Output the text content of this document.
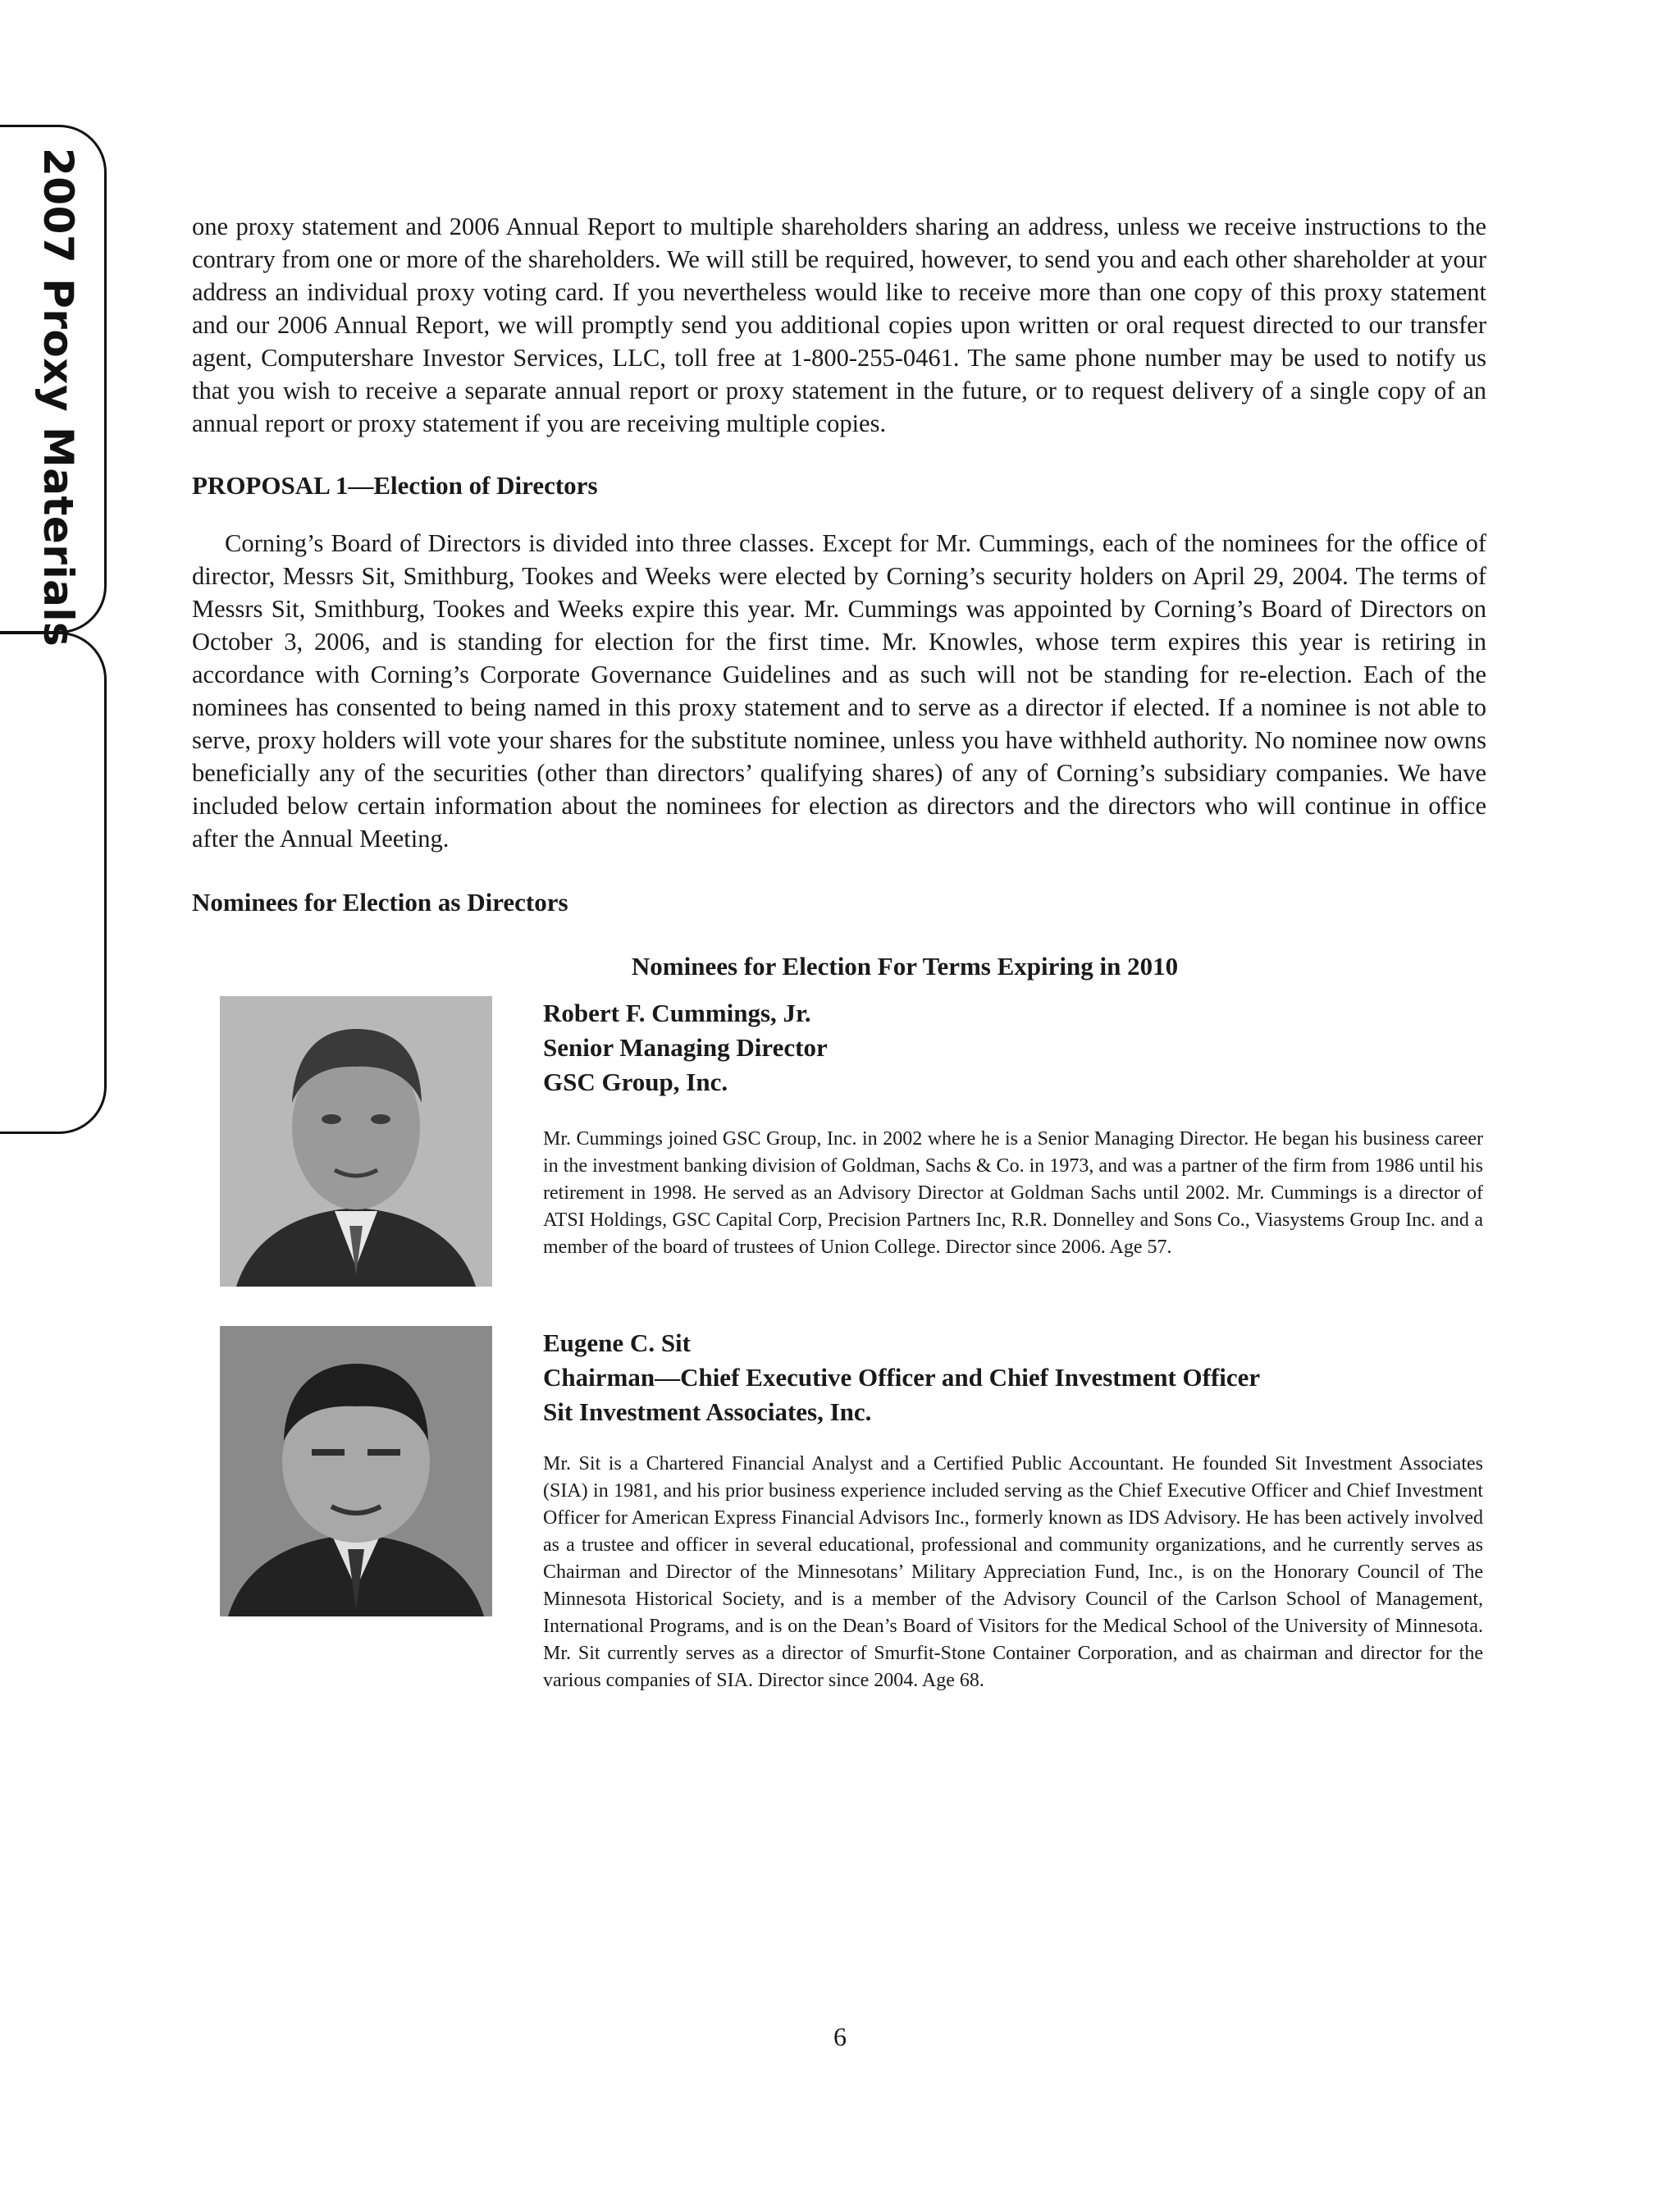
2007 Proxy Materials	one proxy statement and 2006 Annual Report to multiple shareholders sharing an address, unless we receive instructions to the contrary from one or more of the shareholders. We will still be required, however, to send you and each other shareholder at your address an individual proxy voting card. If you nevertheless would like to receive more than one copy of this proxy statement and our 2006 Annual Report, we will promptly send you additional copies upon written or oral request directed to our transfer agent, Computershare Investor Services, LLC, toll free at 1-800-255-0461. The same phone number may be used to notify us that you wish to receive a separate annual report or proxy statement in the future, or to request delivery of a single copy of an annual report or proxy statement if you are receiving multiple copies.

PROPOSAL 1—Election of Directors

Corning’s Board of Directors is divided into three classes. Except for Mr. Cummings, each of the nominees for the office of director, Messrs Sit, Smithburg, Tookes and Weeks were elected by Corning’s security holders on April 29, 2004. The terms of Messrs Sit, Smithburg, Tookes and Weeks expire this year. Mr. Cummings was appointed by Corning’s Board of Directors on October 3, 2006, and is standing for election for the first time. Mr. Knowles, whose term expires this year is retiring in accordance with Corning’s Corporate Governance Guidelines and as such will not be standing for re-election. Each of the nominees has consented to being named in this proxy statement and to serve as a director if elected. If a nominee is not able to serve, proxy holders will vote your shares for the substitute nominee, unless you have withheld authority. No nominee now owns beneficially any of the securities (other than directors’ qualifying shares) of any of Corning’s subsidiary companies. We have included below certain information about the nominees for election as directors and the directors who will continue in office after the Annual Meeting.

Nominees for Election as Directors

Nominees for Election For Terms Expiring in 2010

Robert F. Cummings, Jr.

Senior Managing Director

GSC Group, Inc.

Mr. Cummings joined GSC Group, Inc. in 2002 where he is a Senior Managing Director. He began his business career in the investment banking division of Goldman, Sachs & Co. in 1973, and was a partner of the firm from 1986 until his retirement in 1998. He served as an Advisory Director at Goldman Sachs until 2002. Mr. Cummings is a director of ATSI Holdings, GSC Capital Corp, Precision Partners Inc, R.R. Donnelley and Sons Co., Viasystems Group Inc. and a member of the board of trustees of Union College. Director since 2006. Age 57.

Eugene C. Sit

Chairman—Chief Executive Officer and Chief Investment Officer

Sit Investment Associates, Inc.

Mr. Sit is a Chartered Financial Analyst and a Certified Public Accountant. He founded Sit Investment Associates (SIA) in 1981, and his prior business experience included serving as the Chief Executive Officer and Chief Investment Officer for American Express Financial Advisors Inc., formerly known as IDS Advisory. He has been actively involved as a trustee and officer in several educational, professional and community organizations, and he currently serves as Chairman and Director of the Minnesotans’ Military Appreciation Fund, Inc., is on the Honorary Council of The Minnesota Historical Society, and is a member of the Advisory Council of the Carlson School of Management, International Programs, and is on the Dean’s Board of Visitors for the Medical School of the University of Minnesota. Mr. Sit currently serves as a director of Smurfit-Stone Container Corporation, and as chairman and director for the various companies of SIA. Director since 2004. Age 68.

6
